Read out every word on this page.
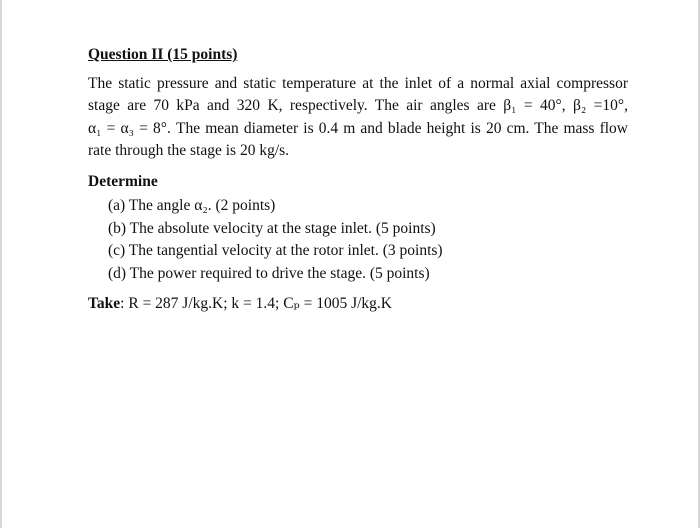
Question II (15 points)
The static pressure and static temperature at the inlet of a normal axial compressor
stage are 70 kPa and 320 K, respectively. The air angles are β₁ = 40°, β₂ =10°,
α₁ = α₃ = 8°. The mean diameter is 0.4 m and blade height is 20 cm. The mass flow
rate through the stage is 20 kg/s.
Determine
(a) The angle α₂. (2 points)
(b) The absolute velocity at the stage inlet. (5 points)
(c) The tangential velocity at the rotor inlet. (3 points)
(d) The power required to drive the stage. (5 points)
Take: R = 287 J/kg.K; k = 1.4; Cₚ = 1005 J/kg.K
